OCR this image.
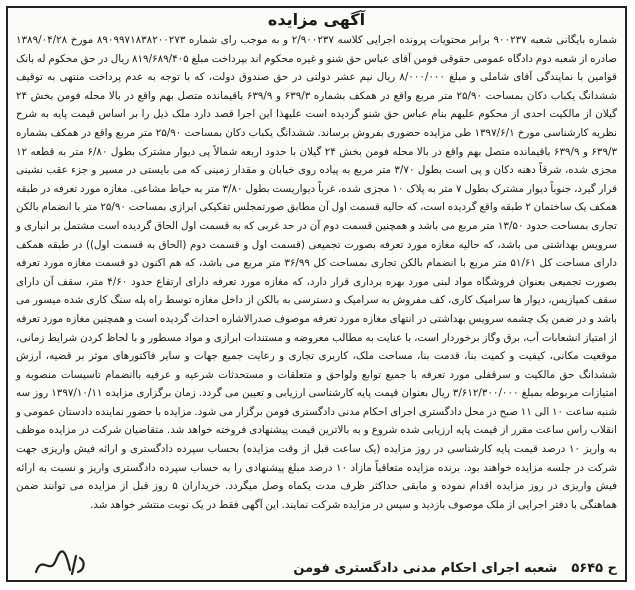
آگهی مزایده

شماره بایگانی شعبه ۹۰۰۲۳۷ برابر محتویات پرونده اجرایی کلاسه ۲/۹۰۰۲۳۷ و به موجب رای شماره ۸۹۰۹۹۷۱۸۳۸۲۰۰۲۷۳ مورخ ۱۳۸۹/۰۴/۲۸ صادره از شعبه دوم دادگاه عمومی حقوقی فومن آقای عباس حق شنو و غیره محکوم اند بپرداخت مبلغ ۸۱۹/۶۸۹/۴۰۵ ریال در حق محکوم له بانک قوامین با نمایندگی آقای شاملی و مبلغ ۸/۰۰۰/۰۰۰ ریال نیم عشر دولتی در حق صندوق دولت، که با توجه به عدم پرداخت منتهی به توقیف ششدانگ یکباب دکان بمساحت ۲۵/۹۰ متر مربع واقع در همکف بشماره ۶۳۹/۳ و ۶۳۹/۹ باقیمانده متصل بهم واقع در بالا محله فومن بخش ۲۴ گیلان از مالکیت احدی از محکوم علیهم بنام عباس حق شنو گردیده است علیهذا این اجرا قصد دارد ملک ذیل را بر اساس قیمت پایه به شرح نظریه کارشناسی مورخ ۱۳۹۷/۶/۱ طی مزایده حضوری بفروش برساند. ششدانگ یکباب دکان بمساحت ۲۵/۹۰ متر مربع واقع در همکف بشماره ۶۳۹/۳ و ۶۳۹/۹ باقیمانده متصل بهم واقع در بالا محله فومن بخش ۲۴ گیلان با حدود اربعه شمالاً پی دیوار مشترک بطول ۶/۸۰ متر به قطعه ۱۲ مجزی شده، شرقاً دهنه دکان و پی است بطول ۳/۷۰ متر مربع به پیاده روی خیابان و مقدار زمینی که می بایستی در مسیر و جزء عقب نشینی قرار گیرد، جنوباً دیوار مشترک بطول ۷ متر به پلاک ۱۰ مجزی شده، غرباً دیواریست بطول ۳/۸۰ متر به حیاط مشاعی. مغازه مورد تعرفه در طبقه همکف یک ساختمان ۲ طبقه واقع گردیده است، که حالیه قسمت اول آن مطابق صورتمجلس تفکیکی ابرازی بمساحت ۲۵/۹۰ متر با انضمام بالکن تجاری بمساحت حدود ۱۳/۵۰ متر مربع می باشد و همچنین قسمت دوم آن در حد غربی که به قسمت اول الحاق گردیده است مشتمل بر انباری و سرویس بهداشتی می باشد، که حالیه مغازه مورد تعرفه بصورت تجمیعی (قسمت اول و قسمت دوم (الحاق به قسمت اول)) در طبقه همکف دارای مساحت کل ۵۱/۶۱ متر مربع با انضمام بالکن تجاری بمساحت کل ۳۶/۹۹ متر مربع می باشد، که هم اکنون دو قسمت مغازه مورد تعرفه بصورت تجمیعی بعنوان فروشگاه مواد لبنی مورد بهره برداری قرار دارد، که مغازه مورد تعرفه دارای ارتفاع حدود ۴/۶۰ متر، سقف آن دارای سقف کمپازیس، دیوار ها سرامیک کاری، کف مفروش به سرامیک و دسترسی به بالکن از داخل مغازه توسط راه پله سنگ کاری شده میسور می باشد و در ضمن یک چشمه سرویس بهداشتی در انتهای مغازه مورد تعرفه موصوف صدرالاشاره احداث گردیده است و همچنین مغازه مورد تعرفه از امتیاز انشعابات آب، برق وگاز برخوردار است، با عنایت به مطالب معروضه و مستندات ابرازی و مواد مسطور و با لحاظ کردن شرایط زمانی، موقعیت مکانی، کیفیت و کمیت بنا، قدمت بنا، مساحت ملک، کاربری تجاری و رعایت جمیع جهات و سایر فاکتورهای موثر بر قضیه، ارزش ششدانگ حق مالکیت و سرقفلی مورد تعرفه با جمیع توابع ولواحق و متعلقات و مستحدثات شرعیه و عرفیه باانضمام تاسیسات منصوبه و امتیازات مربوطه بمبلغ ۳/۶۱۲/۳۰۰/۰۰۰ ریال بعنوان قیمت پایه کارشناسی ارزیابی و تعیین می گردد. زمان برگزاری مزایده ۱۳۹۷/۱۰/۱۱ روز سه شنبه ساعت ۱۰ الی ۱۱ صبح در محل دادگستری اجرای احکام مدنی دادگستری فومن برگزار می شود. مزایده با حضور نماینده دادستان عمومی و انقلاب راس ساعت مقرر از قیمت پایه ارزیابی شده شروع و به بالاترین قیمت پیشنهادی فروخته خواهد شد. متقاضیان شرکت در مزایده موظف به واریز ۱۰ درصد قیمت پایه کارشناسی در روز مزایده (یک ساعت قبل از وقت مزایده) بحساب سپرده دادگستری و ارائه فیش واریزی جهت شرکت در جلسه مزایده خواهند بود. برنده مزایده متعاقباً مازاد ۱۰ درصد مبلغ پیشنهادی را به حساب سپرده دادگستری واریز و نسبت به ارائه فیش واریزی در روز مزایده اقدام نموده و مابقی حداکثر ظرف مدت یکماه وصل میگردد. خریداران ۵ روز قبل از مزایده می توانند ضمن هماهنگی با دفتر اجرایی از ملک موصوف بازدید و سپس در مزایده شرکت نمایند. این آگهی فقط در یک نوبت منتشر خواهد شد.

ح ۵۶۴۵
شعبه اجرای احکام مدنی دادگستری فومن
